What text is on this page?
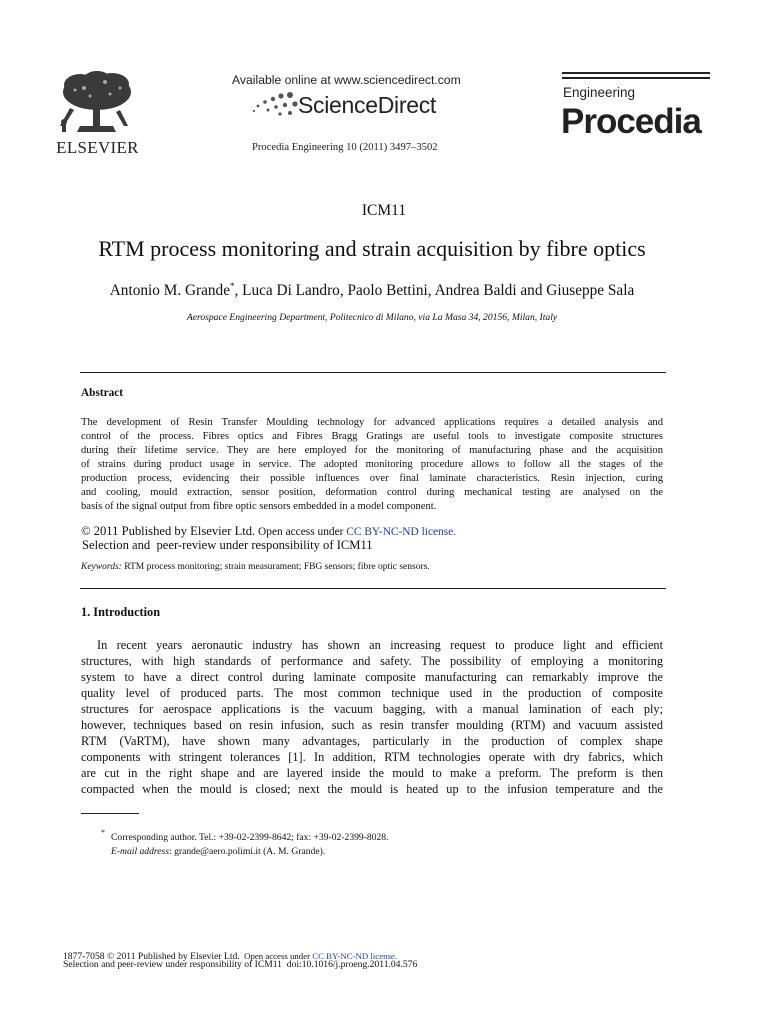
ELSEVIER
Available online at www.sciencedirect.com
ScienceDirect
Procedia Engineering 10 (2011) 3497–3502
Engineering
Procedia
ICM11
RTM process monitoring and strain acquisition by fibre optics
Antonio M. Grande*, Luca Di Landro, Paolo Bettini, Andrea Baldi and Giuseppe Sala
Aerospace Engineering Department, Politecnico di Milano, via La Masa 34, 20156, Milan, Italy
Abstract
The development of Resin Transfer Moulding technology for advanced applications requires a detailed analysis and
control of the process. Fibres optics and Fibres Bragg Gratings are useful tools to investigate composite structures
during their lifetime service. They are here employed for the monitoring of manufacturing phase and the acquisition
of strains during product usage in service. The adopted monitoring procedure allows to follow all the stages of the
production process, evidencing their possible influences over final laminate characteristics. Resin injection, curing
and cooling, mould extraction, sensor position, deformation control during mechanical testing are analysed on the
basis of the signal output from fibre optic sensors embedded in a model component.
© 2011 Published by Elsevier Ltd. Open access under CC BY-NC-ND license.
Selection and  peer-review under responsibility of ICM11
Keywords: RTM process monitoring; strain measurament; FBG sensors; fibre optic sensors.
1. Introduction
In recent years aeronautic industry has shown an increasing request to produce light and efficient
structures, with high standards of performance and safety. The possibility of employing a monitoring
system to have a direct control during laminate composite manufacturing can remarkably improve the
quality level of produced parts. The most common technique used in the production of composite
structures for aerospace applications is the vacuum bagging, with a manual lamination of each ply;
however, techniques based on resin infusion, such as resin transfer moulding (RTM) and vacuum assisted
RTM (VaRTM), have shown many advantages, particularly in the production of complex shape
components with stringent tolerances [1]. In addition, RTM technologies operate with dry fabrics, which
are cut in the right shape and are layered inside the mould to make a preform. The preform is then
compacted when the mould is closed; next the mould is heated up to the infusion temperature and the
* Corresponding author. Tel.: +39-02-2399-8642; fax: +39-02-2399-8028.
E-mail address: grande@aero.polimi.it (A. M. Grande).
1877-7058 © 2011 Published by Elsevier Ltd.  Open access under CC BY-NC-ND license.
Selection and peer-review under responsibility of ICM11  doi:10.1016/j.proeng.2011.04.576
